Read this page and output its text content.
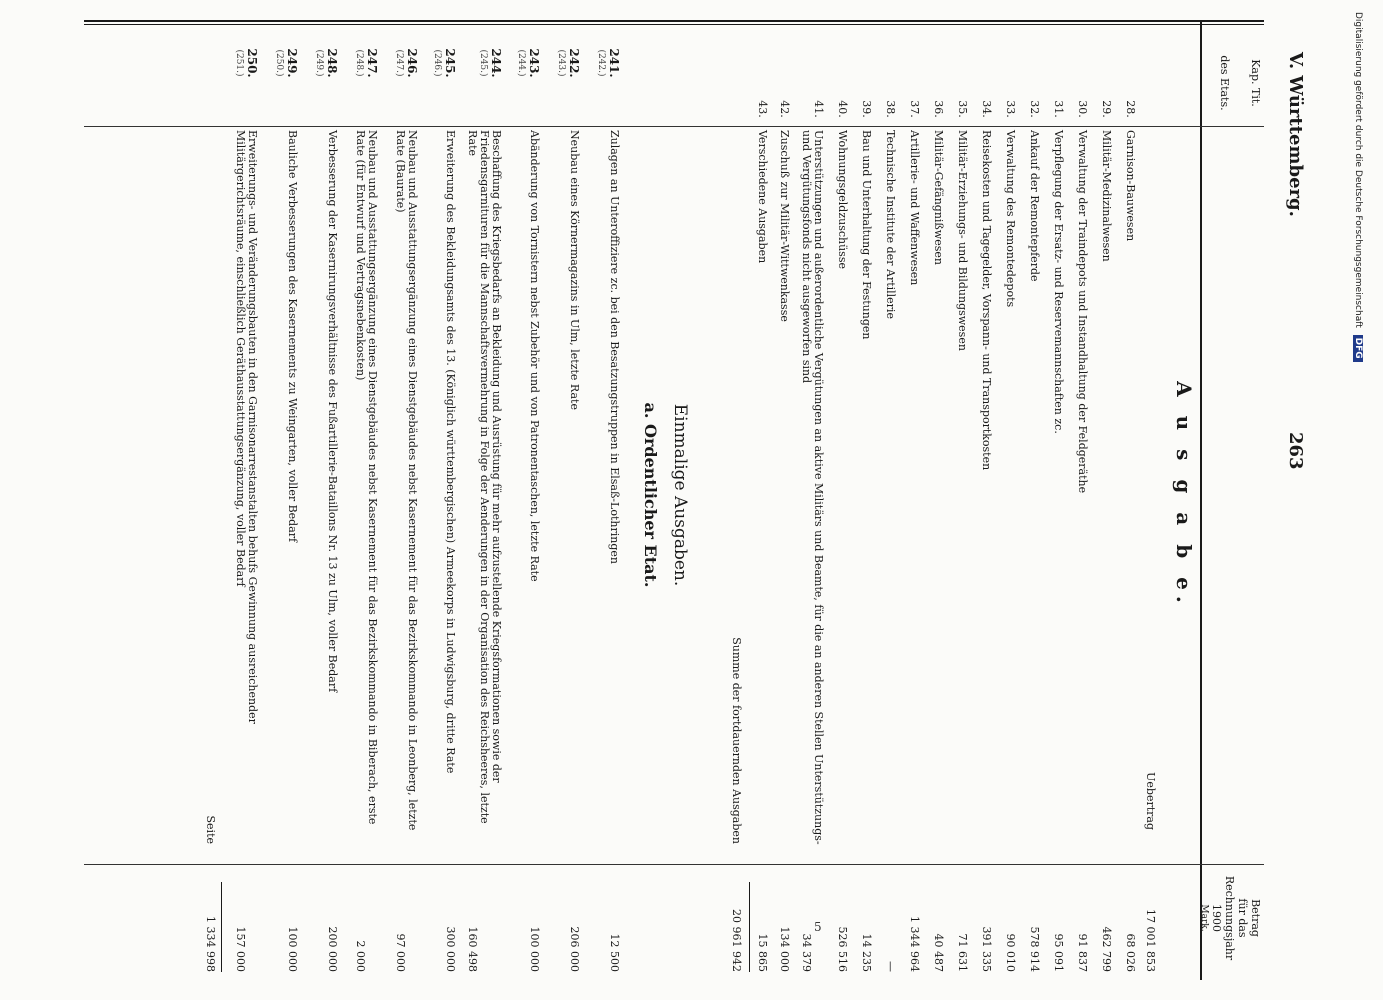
V. Württemberg.
263
Kap. Tit.
des Etats.
Betrag
für das
Rechnungsjahr
1900
Mark.
A u s g a b e.
Uebertrag
17 001 853
28.
Garnison-Bauwesen
68 026
29.
Militär-Medizinalwesen
462 799
30.
Verwaltung der Traindepots und Instandhaltung der Feldgeräthe
91 837
31.
Verpflegung der Ersatz- und Reservemannschaften zc.
95 091
32.
Ankauf der Remontepferde
578 914
33.
Verwaltung des Remontedepots
90 010
34.
Reisekosten und Tagegelder, Vorspann- und Transportkosten
391 335
35.
Militär-Erziehungs- und Bildungswesen
71 631
36.
Militär-Gefängnißwesen
40 487
37.
Artillerie- und Waffenwesen
1 344 964
38.
Technische Institute der Artillerie
—
39.
Bau und Unterhaltung der Festungen
14 235
40.
Wohnungsgeldzuschüsse
526 516
41.
Unterstützungen und außerordentliche Vergütungen an aktive Militärs und Beamte, für die an anderen Stellen Unterstützungs- und Vergütungsfonds nicht ausgeworfen sind
34 379
42.
Zuschuß zur Militär-Wittwenkasse
134 000
43.
Verschiedene Ausgaben
15 865
Summe der fortdauernden Ausgaben
20 961 942
Einmalige Ausgaben.
a. Ordentlicher Etat.
241.
(242.)
Zulagen an Unteroffiziere zc. bei den Besatzungstruppen in Elsaß-Lothringen
12 500
242.
(243.)
Neubau eines Körnermagazins in Ulm, letzte Rate
206 000
243.
(244.)
Abänderung von Tornistern nebst Zubehör und von Patronentaschen, letzte Rate
100 000
244.
(245.)
Beschaffung des Kriegsbedarfs an Bekleidung und Ausrüstung für mehr aufzustellende Kriegsformationen sowie der Friedensgarnituren für die Mannschaftsvermehrung in Folge der Aenderungen in der Organisation des Reichsheeres, letzte Rate
160 498
245.
(246.)
Erweiterung des Bekleidungsamts des 13. (Königlich württembergischen) Armeekorps in Ludwigsburg, dritte Rate
300 000
246.
(247.)
Neubau und Ausstattungsergänzung eines Dienstgebäudes nebst Kasernement für das Bezirkskommando in Leonberg, letzte Rate (Baurate)
97 000
247.
(248.)
Neubau und Ausstattungsergänzung eines Dienstgebäudes nebst Kasernement für das Bezirkskommando in Biberach, erste Rate (für Entwurf und Vertragsnebenkosten)
2 000
248.
(249.)
Verbesserung der Kasernirungsverhältnisse des Fußartillerie-Bataillons Nr. 13 zu Ulm, voller Bedarf
200 000
249.
(250.)
Bauliche Verbesserungen des Kasernements zu Weingarten, voller Bedarf
100 000
250.
(251.)
Erweiterungs- und Veränderungsbauten in den Garnisonarrestanstalten behufs Gewinnung ausreichender Militärgerichtsräume, einschließlich Geräthausstattungsergänzung, voller Bedarf
157 000
Seite
1 334 998	5
Digitalisierung gefördert durch die Deutsche Forschungsgemeinschaft DFG
